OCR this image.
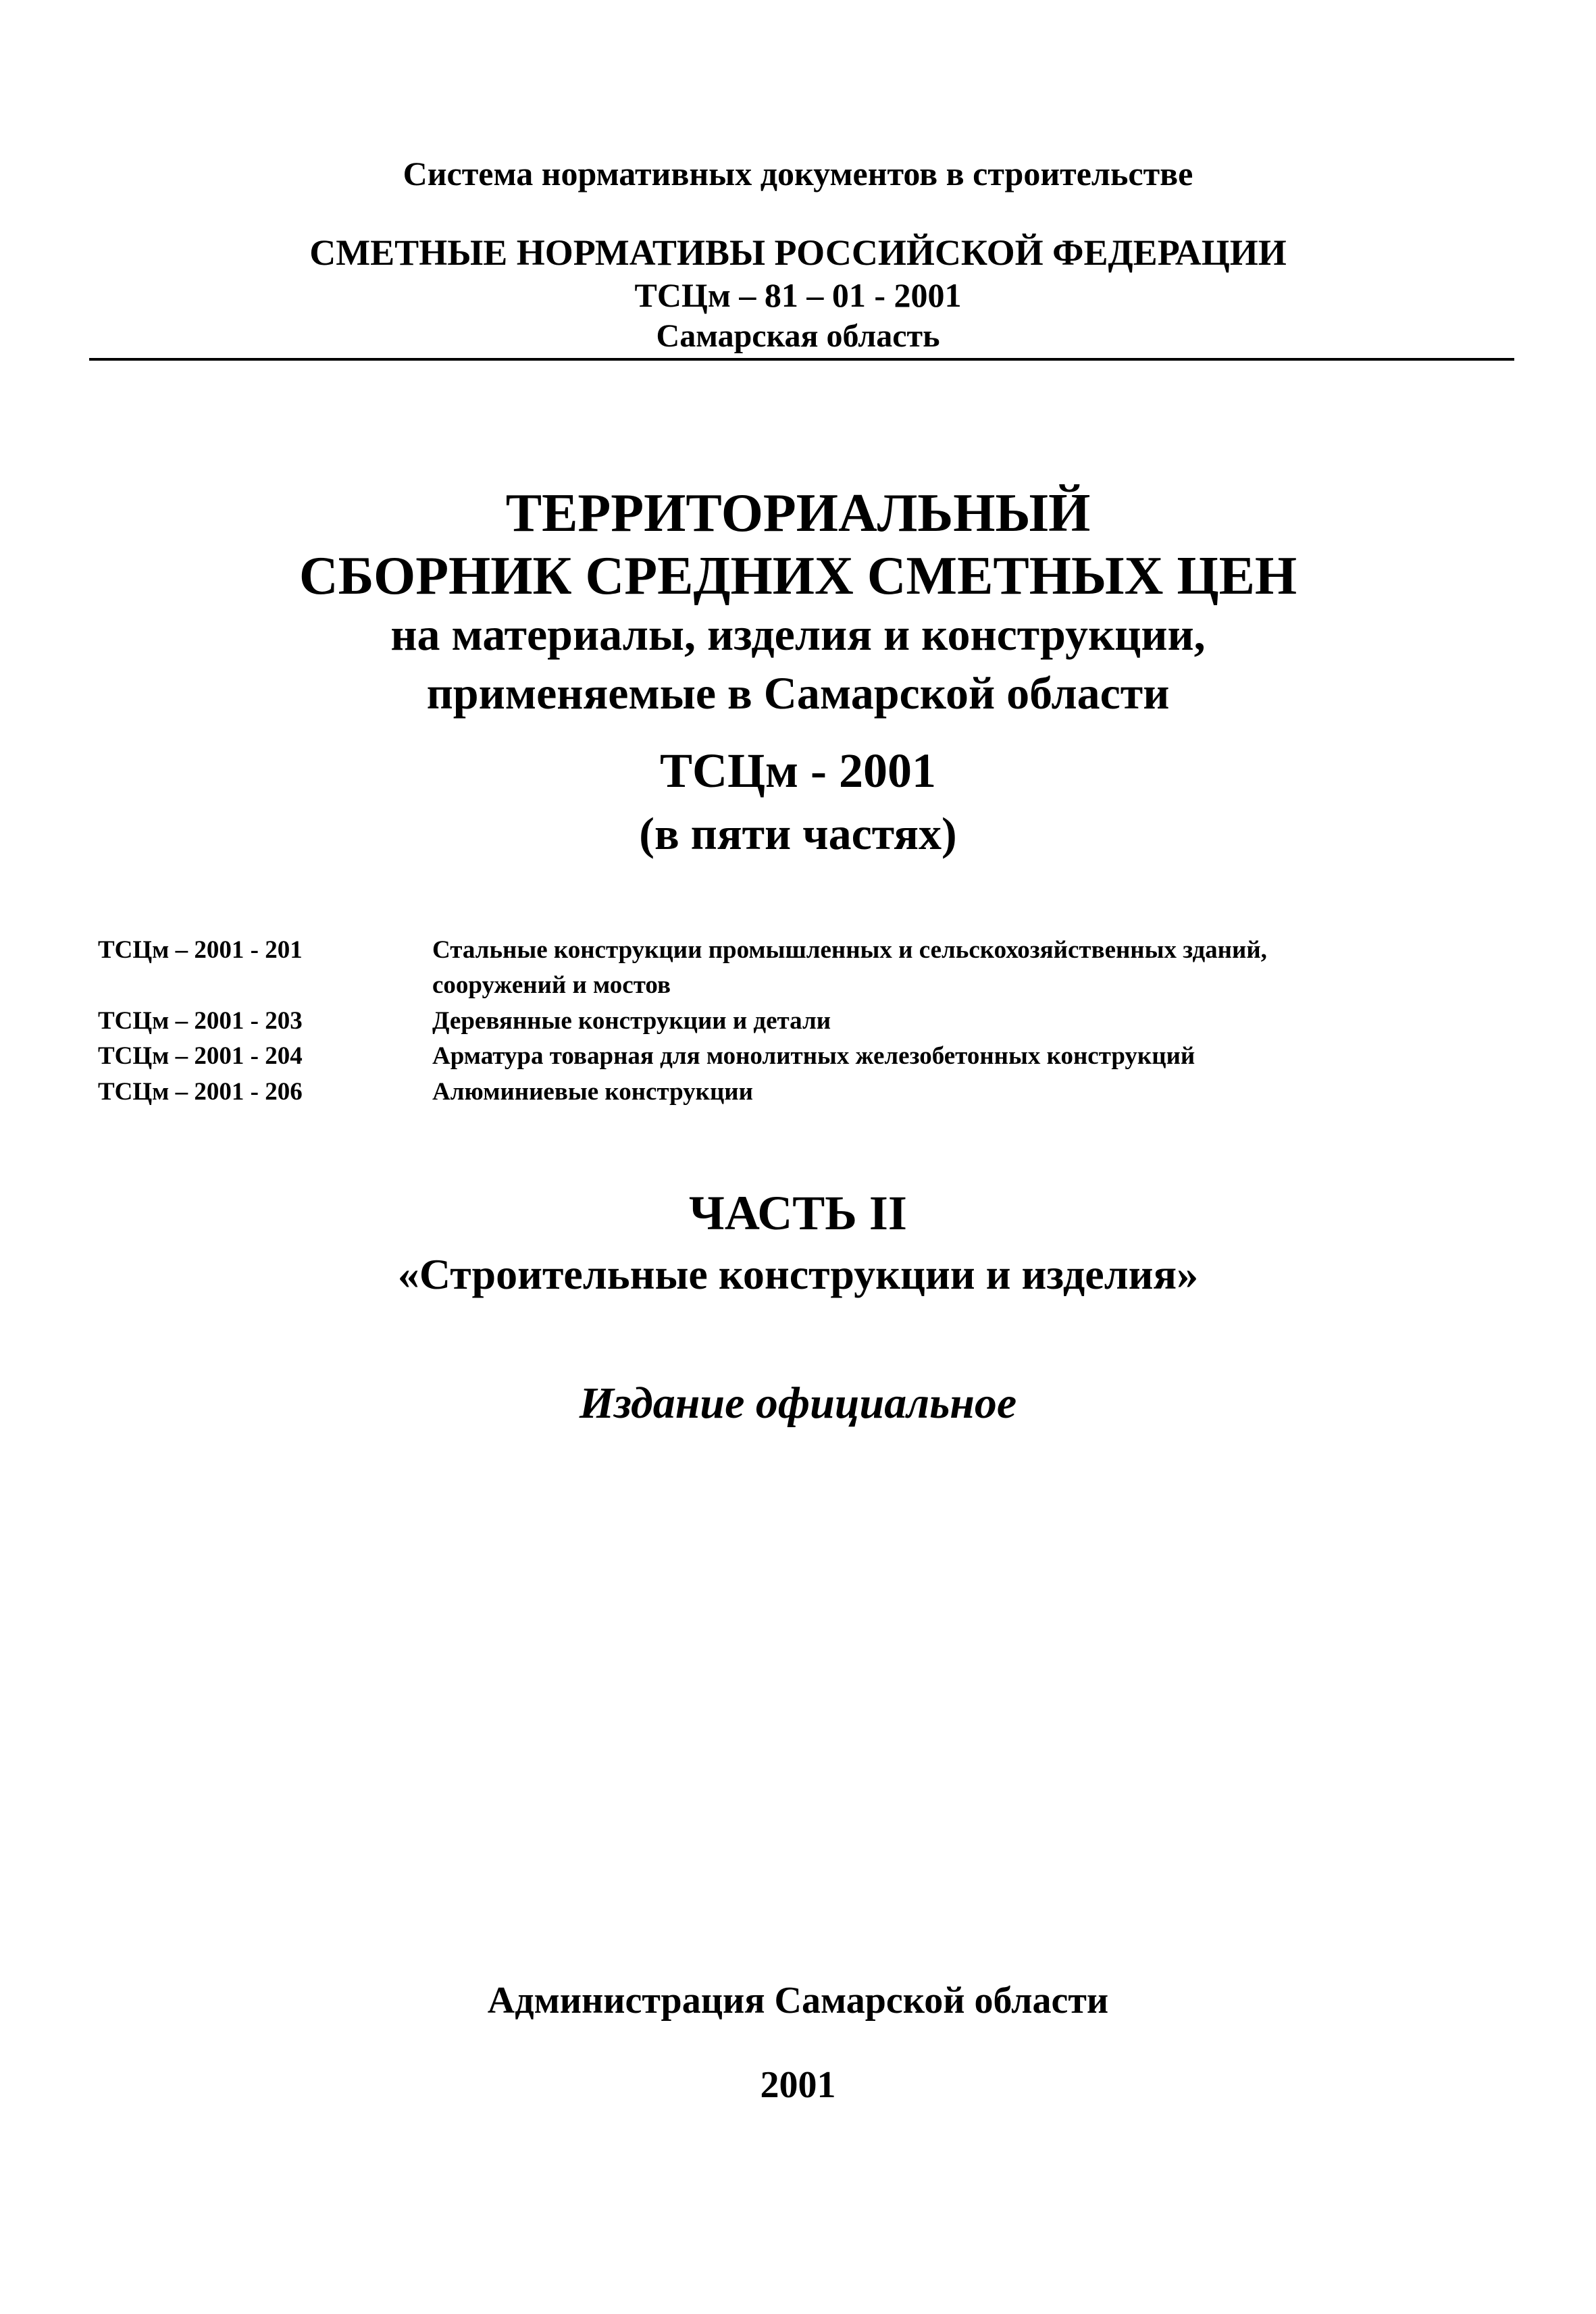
Система нормативных документов в строительстве
СМЕТНЫЕ НОРМАТИВЫ РОССИЙСКОЙ ФЕДЕРАЦИИ
ТСЦм – 81 – 01 - 2001
Самарская область
ТЕРРИТОРИАЛЬНЫЙ
СБОРНИК СРЕДНИХ СМЕТНЫХ ЦЕН
на материалы, изделия и конструкции,
применяемые в Самарской области
ТСЦм - 2001
(в пяти частях)
ТСЦм – 2001 - 201	Стальные конструкции промышленных и сельскохозяйственных зданий,
сооружений и мостов
ТСЦм – 2001 - 203	Деревянные конструкции и детали
ТСЦм – 2001 - 204	Арматура товарная для монолитных железобетонных конструкций
ТСЦм – 2001 - 206	Алюминиевые конструкции
ЧАСТЬ II
«Строительные конструкции и изделия»
Издание официальное
Администрация Самарской области
2001
